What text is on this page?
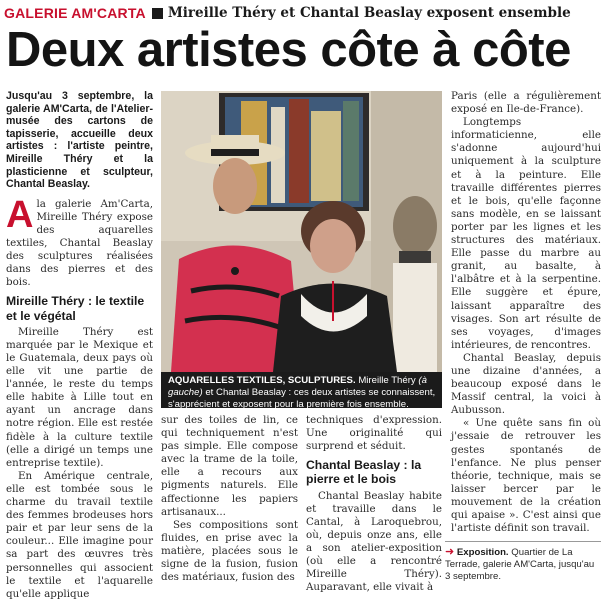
GALERIE AM'CARTA Mireille Théry et Chantal Beaslay exposent ensemble
Deux artistes côte à côte
Jusqu'au 3 septembre, la galerie AM'Carta, de l'Atelier-musée des cartons de tapisserie, accueille deux artistes : l'artiste peintre, Mireille Théry et la plasticienne et sculpteur, Chantal Beaslay.

Ala galerie Am'Carta, Mireille Théry expose des aquarelles textiles, Chantal Beaslay des sculptures réalisées dans des pierres et des bois.

Mireille Théry : le textile et le végétal

Mireille Théry est marquée par le Mexique et le Guatemala, deux pays où elle vit une partie de l'année, le reste du temps elle habite à Lille tout en ayant un ancrage dans notre région. Elle est restée fidèle à la culture textile (elle a dirigé un temps une entreprise textile).

En Amérique centrale, elle est tombée sous le charme du travail textile des femmes brodeuses hors pair et par leur sens de la couleur... Elle imagine pour sa part des œuvres très personnelles qui associent le textile et l'aquarelle qu'elle applique

AQUARELLES TEXTILES, SCULPTURES. Mireille Théry (à gauche) et Chantal Beaslay : ces deux artistes se connaissent, s'apprécient et exposent pour la première fois ensemble.

sur des toiles de lin, ce qui techniquement n'est pas simple. Elle compose avec la trame de la toile, elle a recours aux pigments naturels. Elle affectionne les papiers artisanaux...

Ses compositions sont fluides, en prise avec la matière, placées sous le signe de la fusion, fusion des matériaux, fusion des

techniques d'expression. Une originalité qui surprend et séduit.

Chantal Beaslay : la pierre et le bois

Chantal Beaslay habite et travaille dans le Cantal, à Laroquebrou, où, depuis onze ans, elle a son atelier-exposition (où elle a rencontré Mireille Théry). Auparavant, elle vivait à

Paris (elle a régulièrement exposé en Ile-de-France).

Longtemps informaticienne, elle s'adonne aujourd'hui uniquement à la sculpture et à la peinture. Elle travaille différentes pierres et le bois, qu'elle façonne sans modèle, en se laissant porter par les lignes et les structures des matériaux. Elle passe du marbre au granit, au basalte, à l'albâtre et à la serpentine. Elle suggère et épure, laissant apparaître des visages. Son art résulte de ses voyages, d'images intérieures, de rencontres.

Chantal Beaslay, depuis une dizaine d'années, a beaucoup exposé dans le Massif central, la voici à Aubusson.

« Une quête sans fin où j'essaie de retrouver les gestes spontanés de l'enfance. Ne plus penser théorie, technique, mais se laisser bercer par le mouvement de la création qui apaise ». C'est ainsi que l'artiste définit son travail.

➜ Exposition. Quartier de La Terrade, galerie AM'Carta, jusqu'au 3 septembre.
